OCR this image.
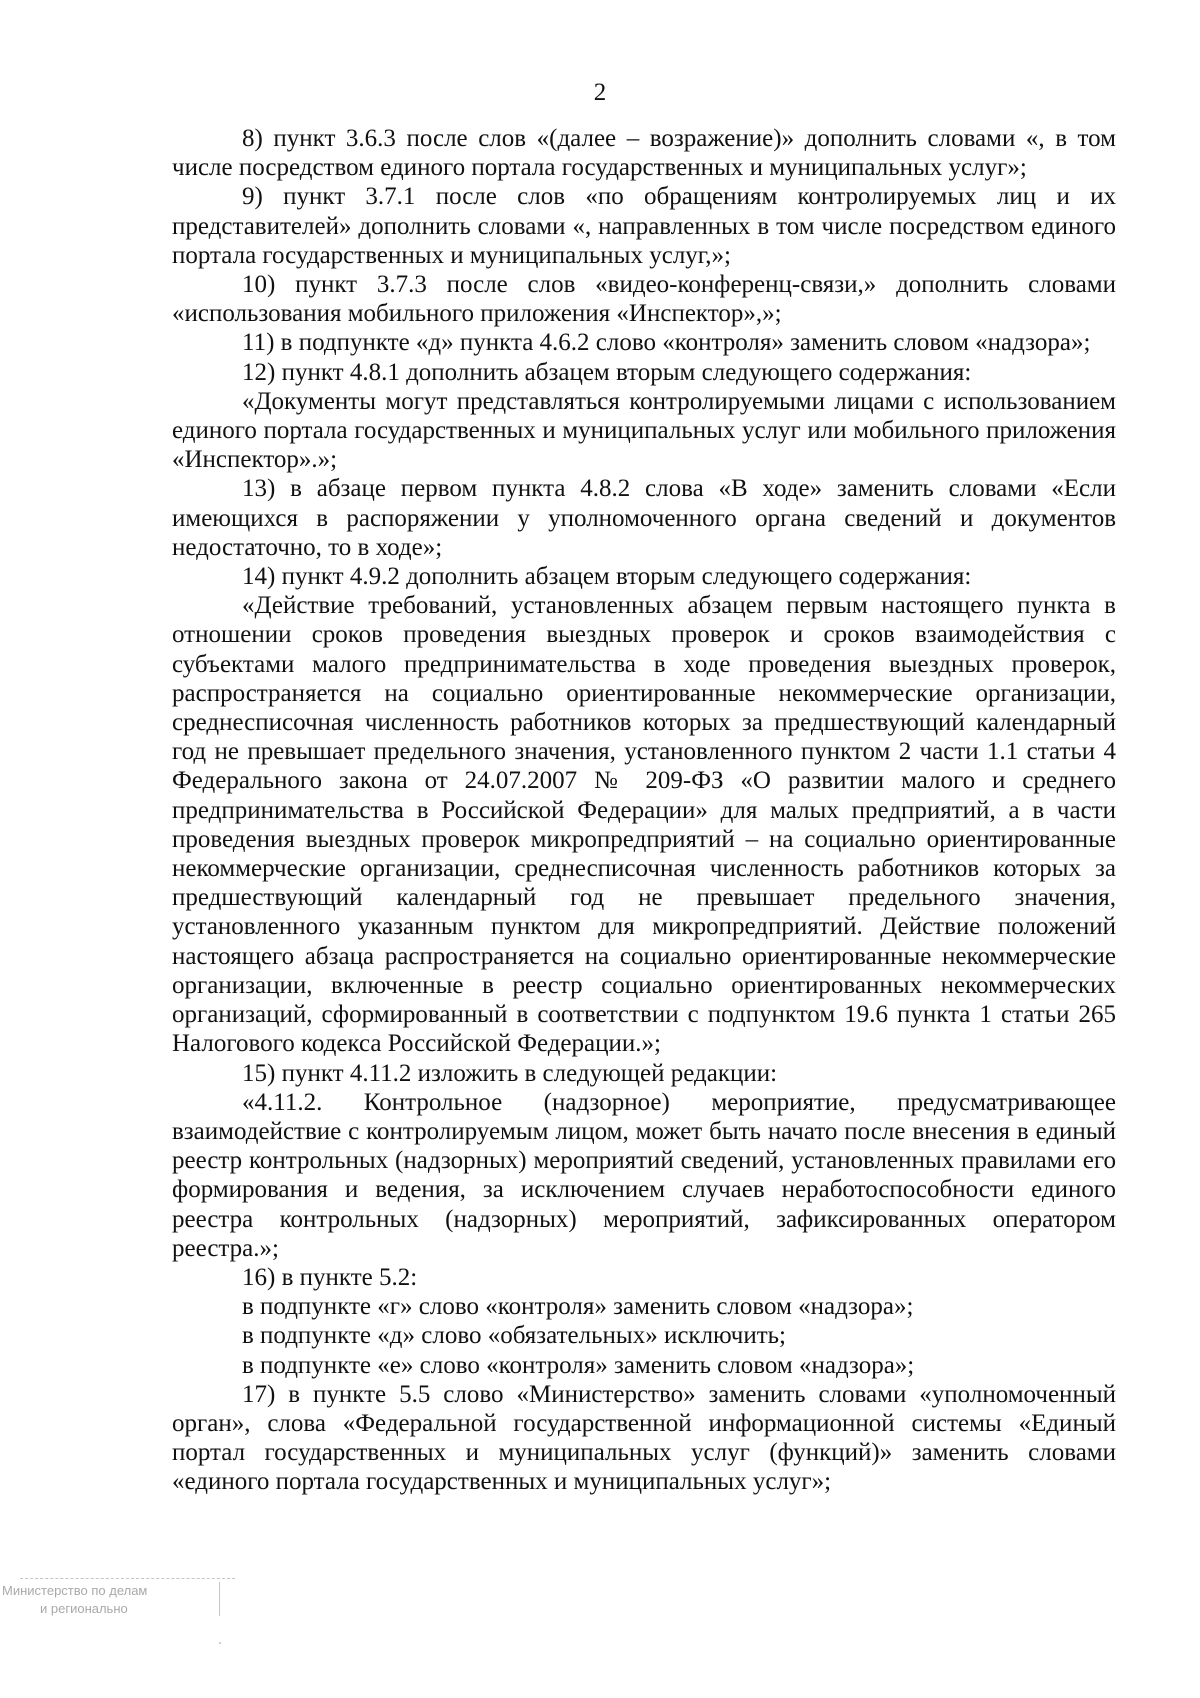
2

8) пункт 3.6.3 после слов «(далее – возражение)» дополнить словами «, в том числе посредством единого портала государственных и муниципальных услуг»;

9) пункт 3.7.1 после слов «по обращениям контролируемых лиц и их представителей» дополнить словами «, направленных в том числе посредством единого портала государственных и муниципальных услуг,»;

10) пункт 3.7.3 после слов «видео-конференц-связи,» дополнить словами «использования мобильного приложения «Инспектор»,»;

11) в подпункте «д» пункта 4.6.2 слово «контроля» заменить словом «надзора»;

12) пункт 4.8.1 дополнить абзацем вторым следующего содержания:

«Документы могут представляться контролируемыми лицами с использованием единого портала государственных и муниципальных услуг или мобильного приложения «Инспектор».»;

13) в абзаце первом пункта 4.8.2 слова «В ходе» заменить словами «Если имеющихся в распоряжении у уполномоченного органа сведений и документов недостаточно, то в ходе»;

14) пункт 4.9.2 дополнить абзацем вторым следующего содержания:

«Действие требований, установленных абзацем первым настоящего пункта в отношении сроков проведения выездных проверок и сроков взаимодействия с субъектами малого предпринимательства в ходе проведения выездных проверок, распространяется на социально ориентированные некоммерческие организации, среднесписочная численность работников которых за предшествующий календарный год не превышает предельного значения, установленного пунктом 2 части 1.1 статьи 4 Федерального закона от 24.07.2007 № 209-ФЗ «О развитии малого и среднего предпринимательства в Российской Федерации» для малых предприятий, а в части проведения выездных проверок микропредприятий – на социально ориентированные некоммерческие организации, среднесписочная численность работников которых за предшествующий календарный год не превышает предельного значения, установленного указанным пунктом для микропредприятий. Действие положений настоящего абзаца распространяется на социально ориентированные некоммерческие организации, включенные в реестр социально ориентированных некоммерческих организаций, сформированный в соответствии с подпунктом 19.6 пункта 1 статьи 265 Налогового кодекса Российской Федерации.»;

15) пункт 4.11.2 изложить в следующей редакции:

«4.11.2. Контрольное (надзорное) мероприятие, предусматривающее взаимодействие с контролируемым лицом, может быть начато после внесения в единый реестр контрольных (надзорных) мероприятий сведений, установленных правилами его формирования и ведения, за исключением случаев неработоспособности единого реестра контрольных (надзорных) мероприятий, зафиксированных оператором реестра.»;

16) в пункте 5.2:

в подпункте «г» слово «контроля» заменить словом «надзора»;

в подпункте «д» слово «обязательных» исключить;

в подпункте «е» слово «контроля» заменить словом «надзора»;

17) в пункте 5.5 слово «Министерство» заменить словами «уполномоченный орган», слова «Федеральной государственной информационной системы «Единый портал государственных и муниципальных услуг (функций)» заменить словами «единого портала государственных и муниципальных услуг»;

Министерство по делам
и регионально
